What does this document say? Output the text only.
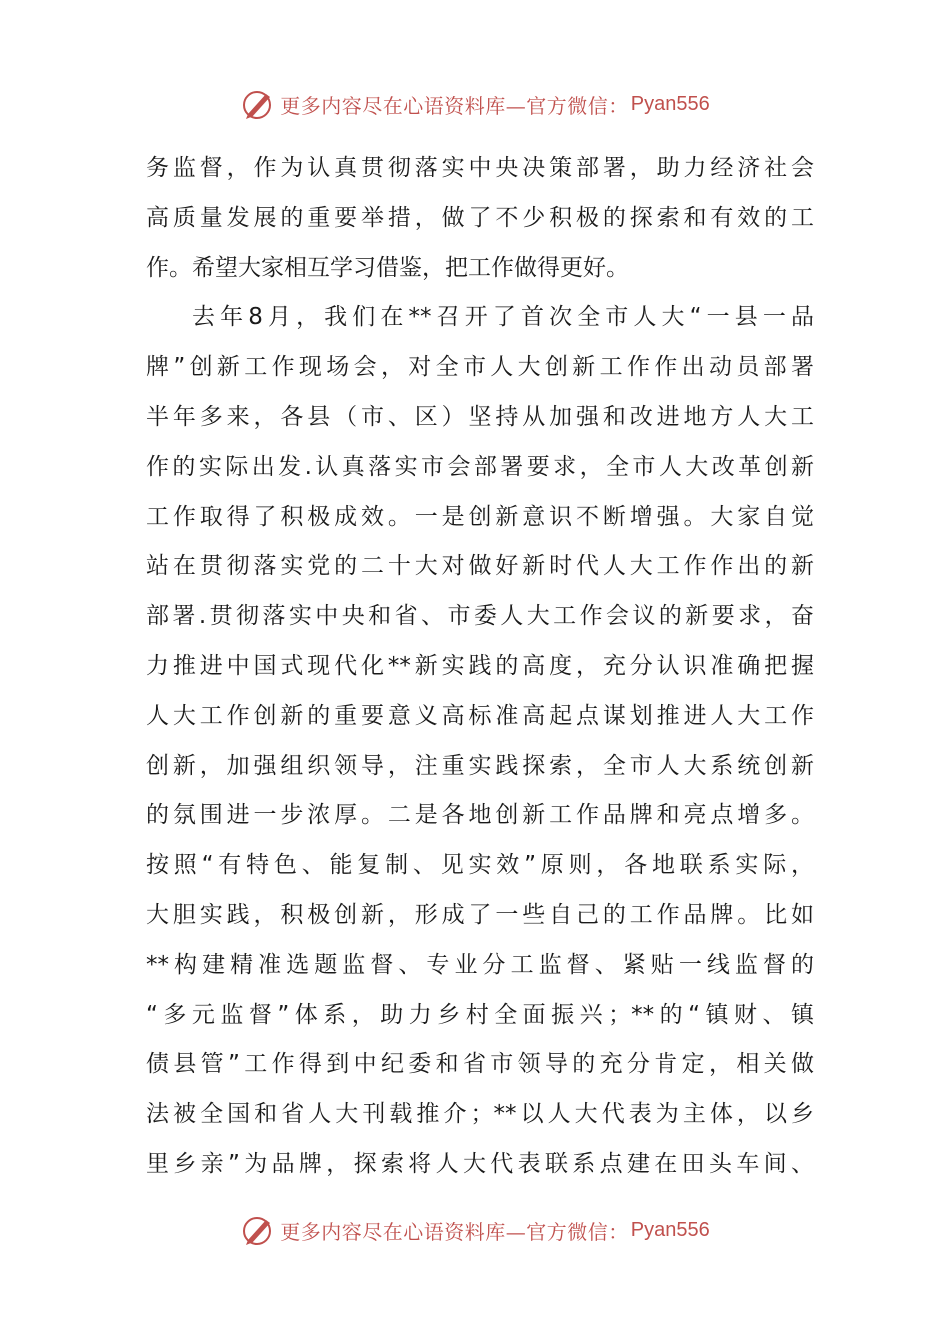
更多内容尽在心语资料库—官方微信： Pyan556
务监督，作为认真贯彻落实中央决策部署，助力经济社会
高质量发展的重要举措，做了不少积极的探索和有效的工
作。希望大家相互学习借鉴，把工作做得更好。
去年8月，我们在**召开了首次全市人大“一县一品
牌”创新工作现场会，对全市人大创新工作作出动员部署
半年多来，各县（市、区）坚持从加强和改进地方人大工
作的实际出发.认真落实市会部署要求，全市人大改革创新
工作取得了积极成效。一是创新意识不断增强。大家自觉
站在贯彻落实党的二十大对做好新时代人大工作作出的新
部署.贯彻落实中央和省、市委人大工作会议的新要求，奋
力推进中国式现代化**新实践的高度，充分认识准确把握
人大工作创新的重要意义高标准高起点谋划推进人大工作
创新，加强组织领导，注重实践探索，全市人大系统创新
的氛围进一步浓厚。二是各地创新工作品牌和亮点增多。
按照“有特色、能复制、见实效”原则，各地联系实际，
大胆实践，积极创新，形成了一些自己的工作品牌。比如
**构建精准选题监督、专业分工监督、紧贴一线监督的
“多元监督”体系，助力乡村全面振兴；**的“镇财、镇
债县管”工作得到中纪委和省市领导的充分肯定，相关做
法被全国和省人大刊载推介；**以人大代表为主体，以乡
里乡亲”为品牌，探索将人大代表联系点建在田头车间、
更多内容尽在心语资料库—官方微信： Pyan556
